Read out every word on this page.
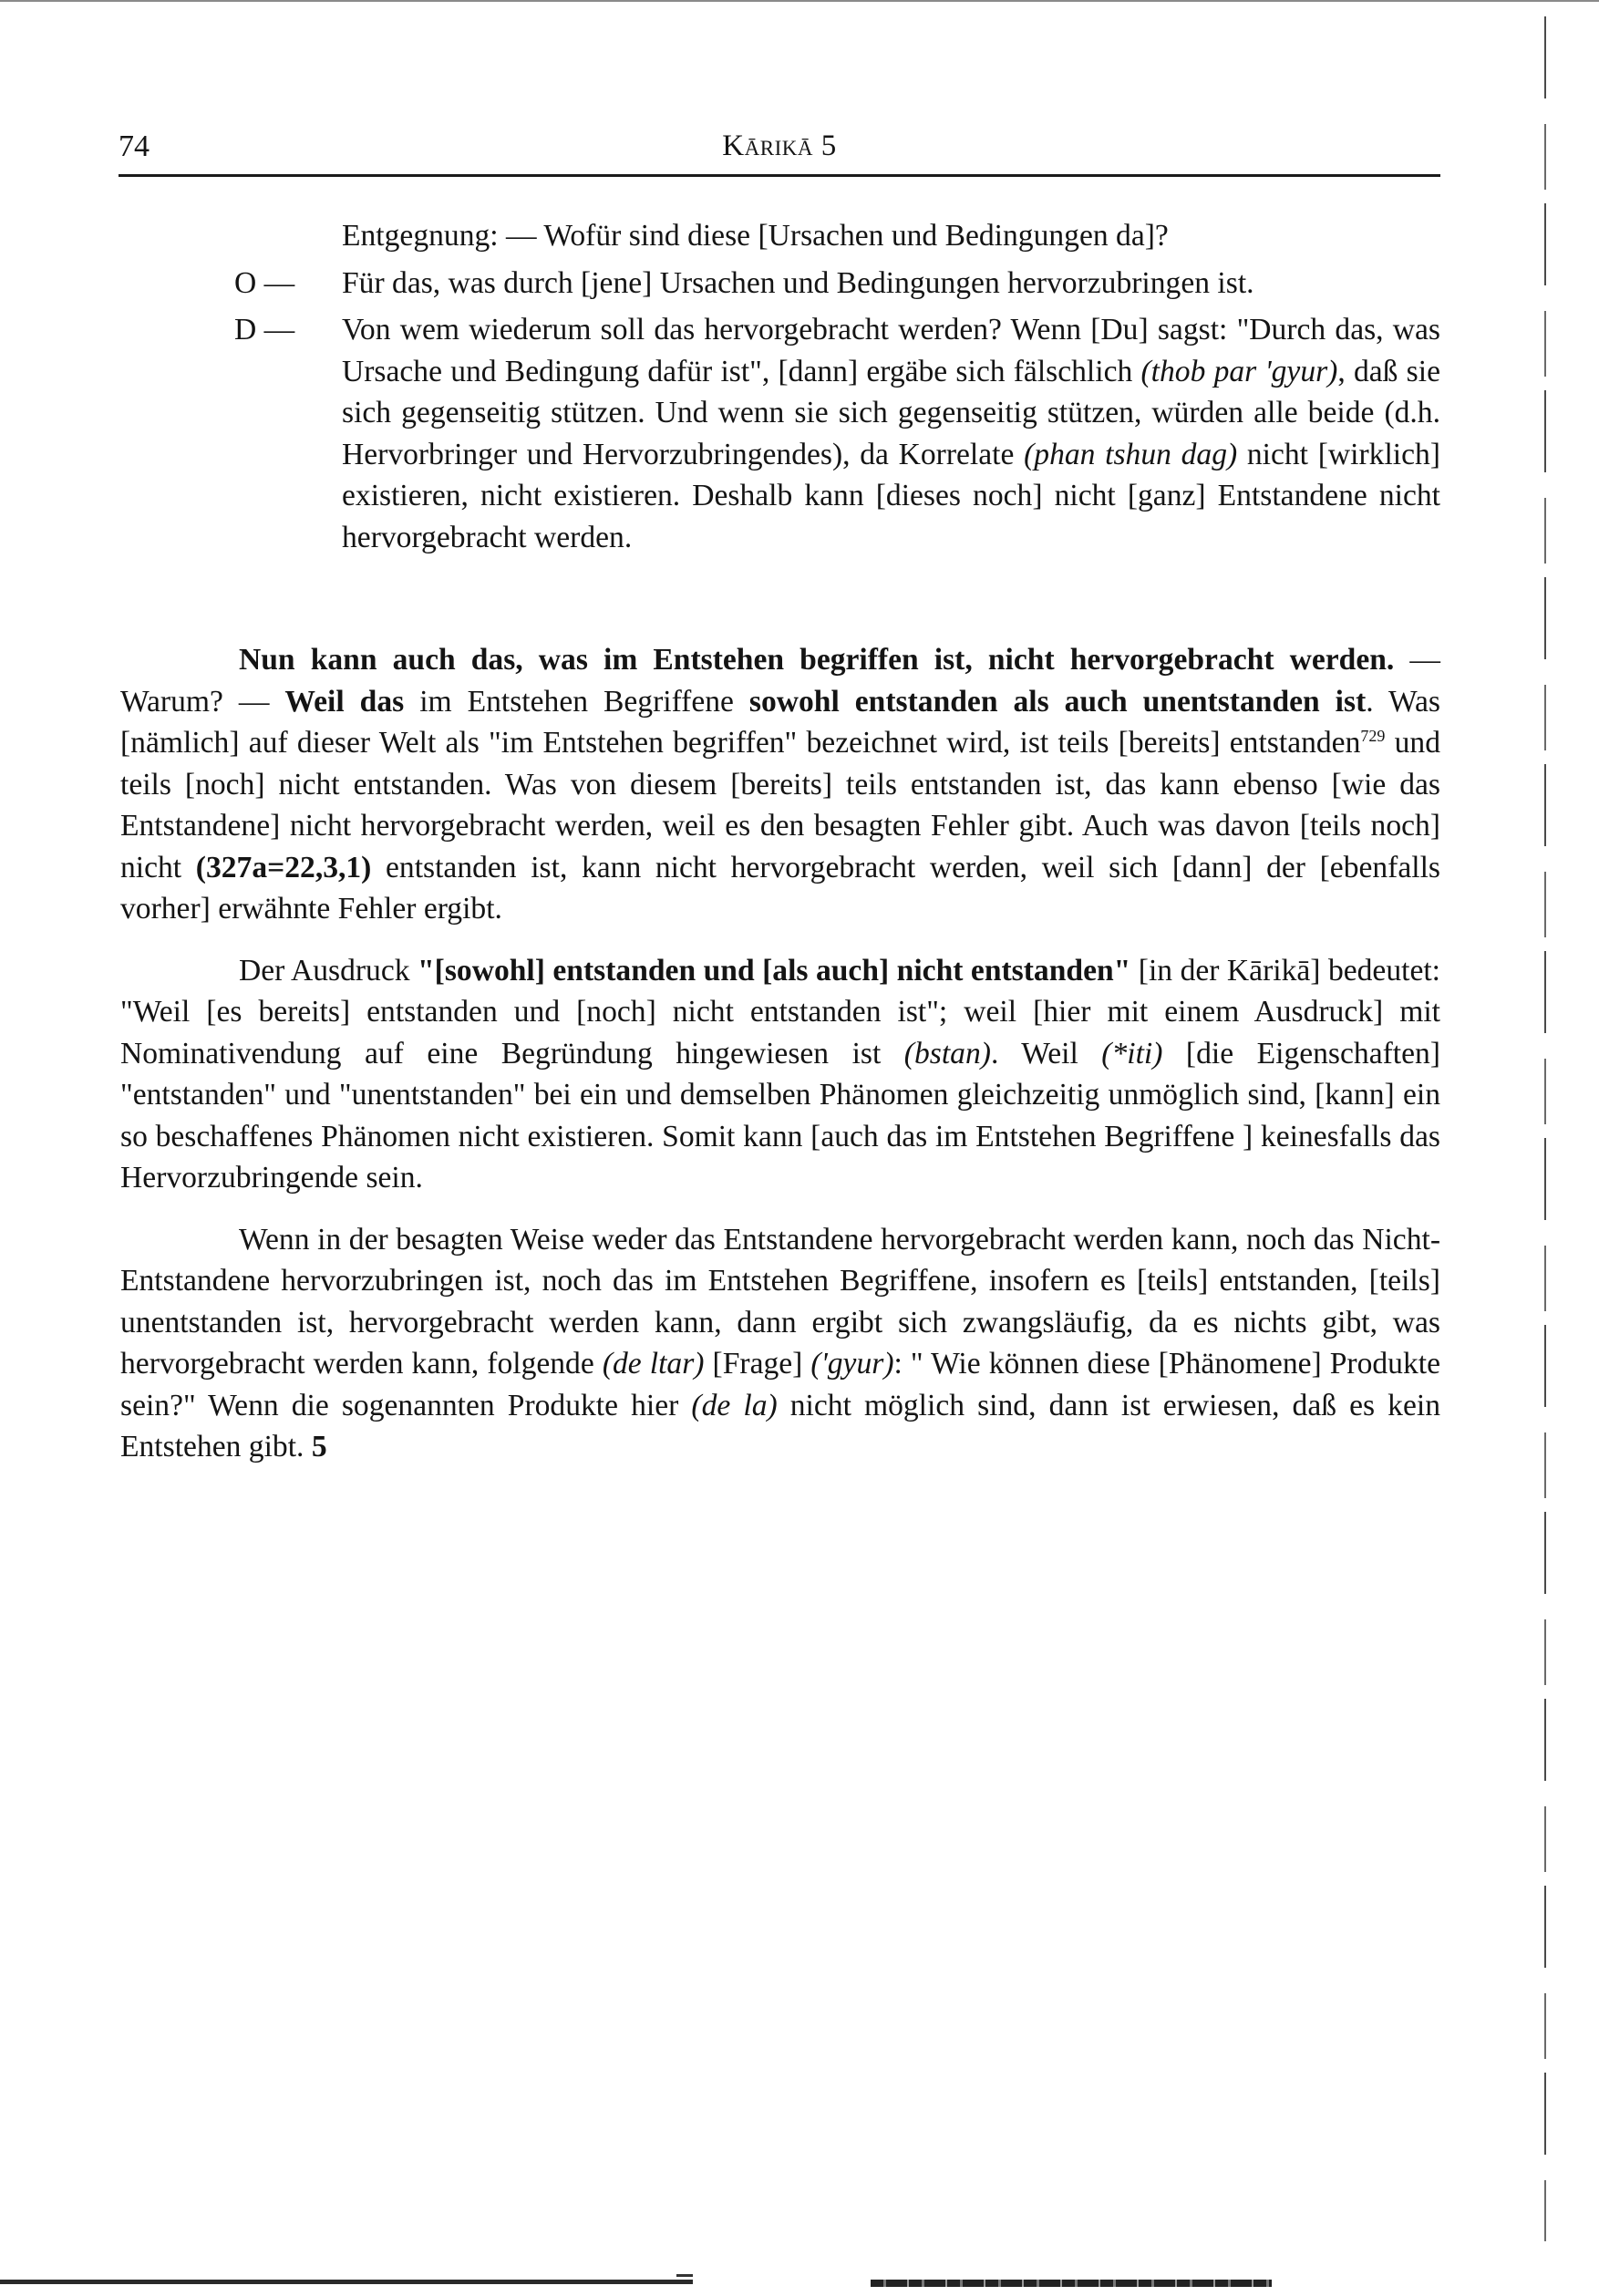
74	Kārikā 5
Entgegnung: — Wofür sind diese [Ursachen und Bedingungen da]?
O — Für das, was durch [jene] Ursachen und Bedingungen hervorzubringen ist.
D — Von wem wiederum soll das hervorgebracht werden? Wenn [Du] sagst: "Durch das, was Ursache und Bedingung dafür ist", [dann] ergäbe sich fälschlich (thob par 'gyur), daß sie sich gegenseitig stützen. Und wenn sie sich gegenseitig stützen, würden alle beide (d.h. Hervorbringer und Hervorzubringendes), da Korrelate (phan tshun dag) nicht [wirklich] existieren, nicht existieren. Deshalb kann [dieses noch] nicht [ganz] Entstandene nicht hervorgebracht werden.

Nun kann auch das, was im Entstehen begriffen ist, nicht hervorgebracht werden. — Warum? — Weil das im Entstehen Begriffene sowohl entstanden als auch unentstanden ist. Was [nämlich] auf dieser Welt als "im Entstehen begriffen" bezeichnet wird, ist teils [bereits] entstanden$^{729}$ und teils [noch] nicht entstanden. Was von diesem [bereits] teils entstanden ist, das kann ebenso [wie das Entstandene] nicht hervorgebracht werden, weil es den besagten Fehler gibt. Auch was davon [teils noch] nicht (327a=22,3,1) entstanden ist, kann nicht hervorgebracht werden, weil sich [dann] der [ebenfalls vorher] erwähnte Fehler ergibt.

Der Ausdruck "[sowohl] entstanden und [als auch] nicht entstanden" [in der Kārikā] bedeutet: "Weil [es bereits] entstanden und [noch] nicht entstanden ist"; weil [hier mit einem Ausdruck] mit Nominativendung auf eine Begründung hingewiesen ist (bstan). Weil (*iti) [die Eigenschaften] "entstanden" und "unentstanden" bei ein und demselben Phänomen gleichzeitig unmöglich sind, [kann] ein so beschaffenes Phänomen nicht existieren. Somit kann [auch das im Entstehen Begriffene ] keinesfalls das Hervorzubringende sein.

Wenn in der besagten Weise weder das Entstandene hervorgebracht werden kann, noch das Nicht-Entstandene hervorzubringen ist, noch das im Entstehen Begriffene, insofern es [teils] entstanden, [teils] unentstanden ist, hervorgebracht werden kann, dann ergibt sich zwangsläufig, da es nichts gibt, was hervorgebracht werden kann, folgende (de ltar) [Frage] ('gyur): " Wie können diese [Phänomene] Produkte sein?" Wenn die sogenannten Produkte hier (de la) nicht möglich sind, dann ist erwiesen, daß es kein Entstehen gibt. 5
